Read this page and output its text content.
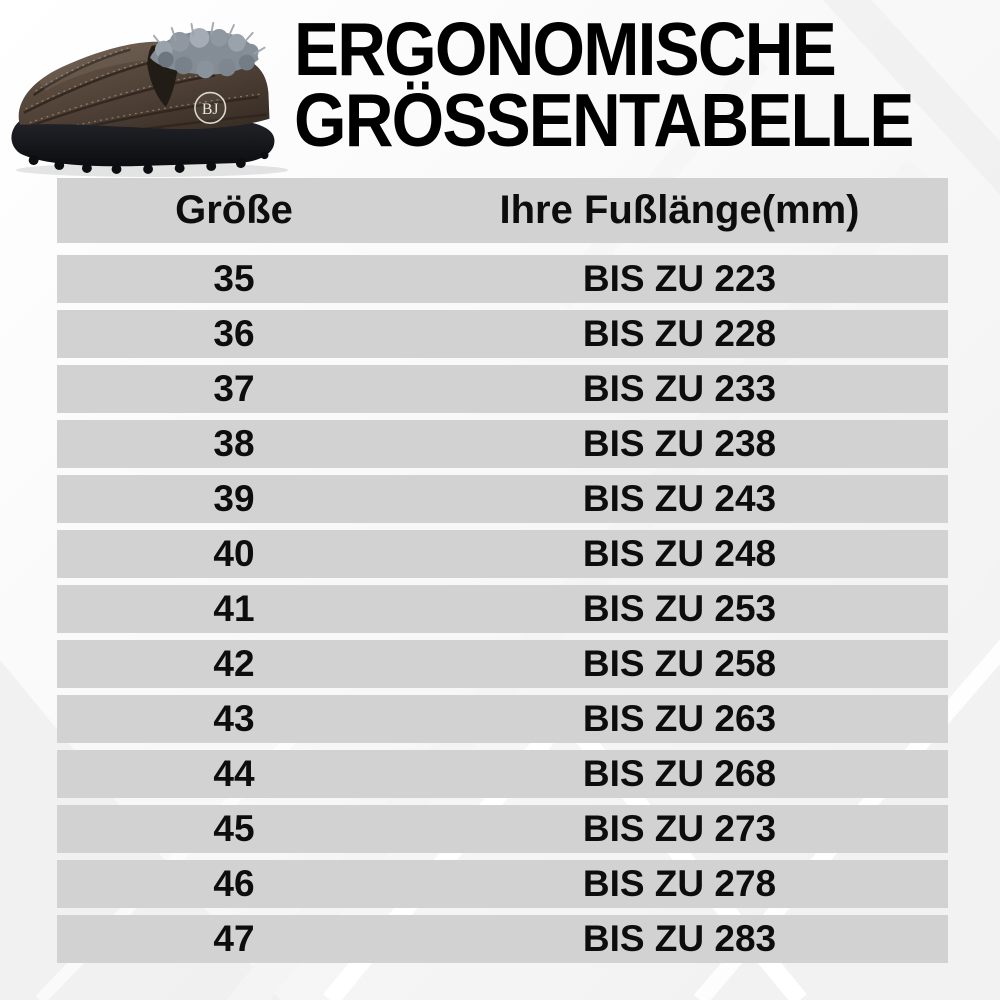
BJ
ERGONOMISCHE
GRÖSSENTABELLE
Größe	Ihre Fußlänge(mm)
35	BIS ZU 223
36	BIS ZU 228
37	BIS ZU 233
38	BIS ZU 238
39	BIS ZU 243
40	BIS ZU 248
41	BIS ZU 253
42	BIS ZU 258
43	BIS ZU 263
44	BIS ZU 268
45	BIS ZU 273
46	BIS ZU 278
47	BIS ZU 283
